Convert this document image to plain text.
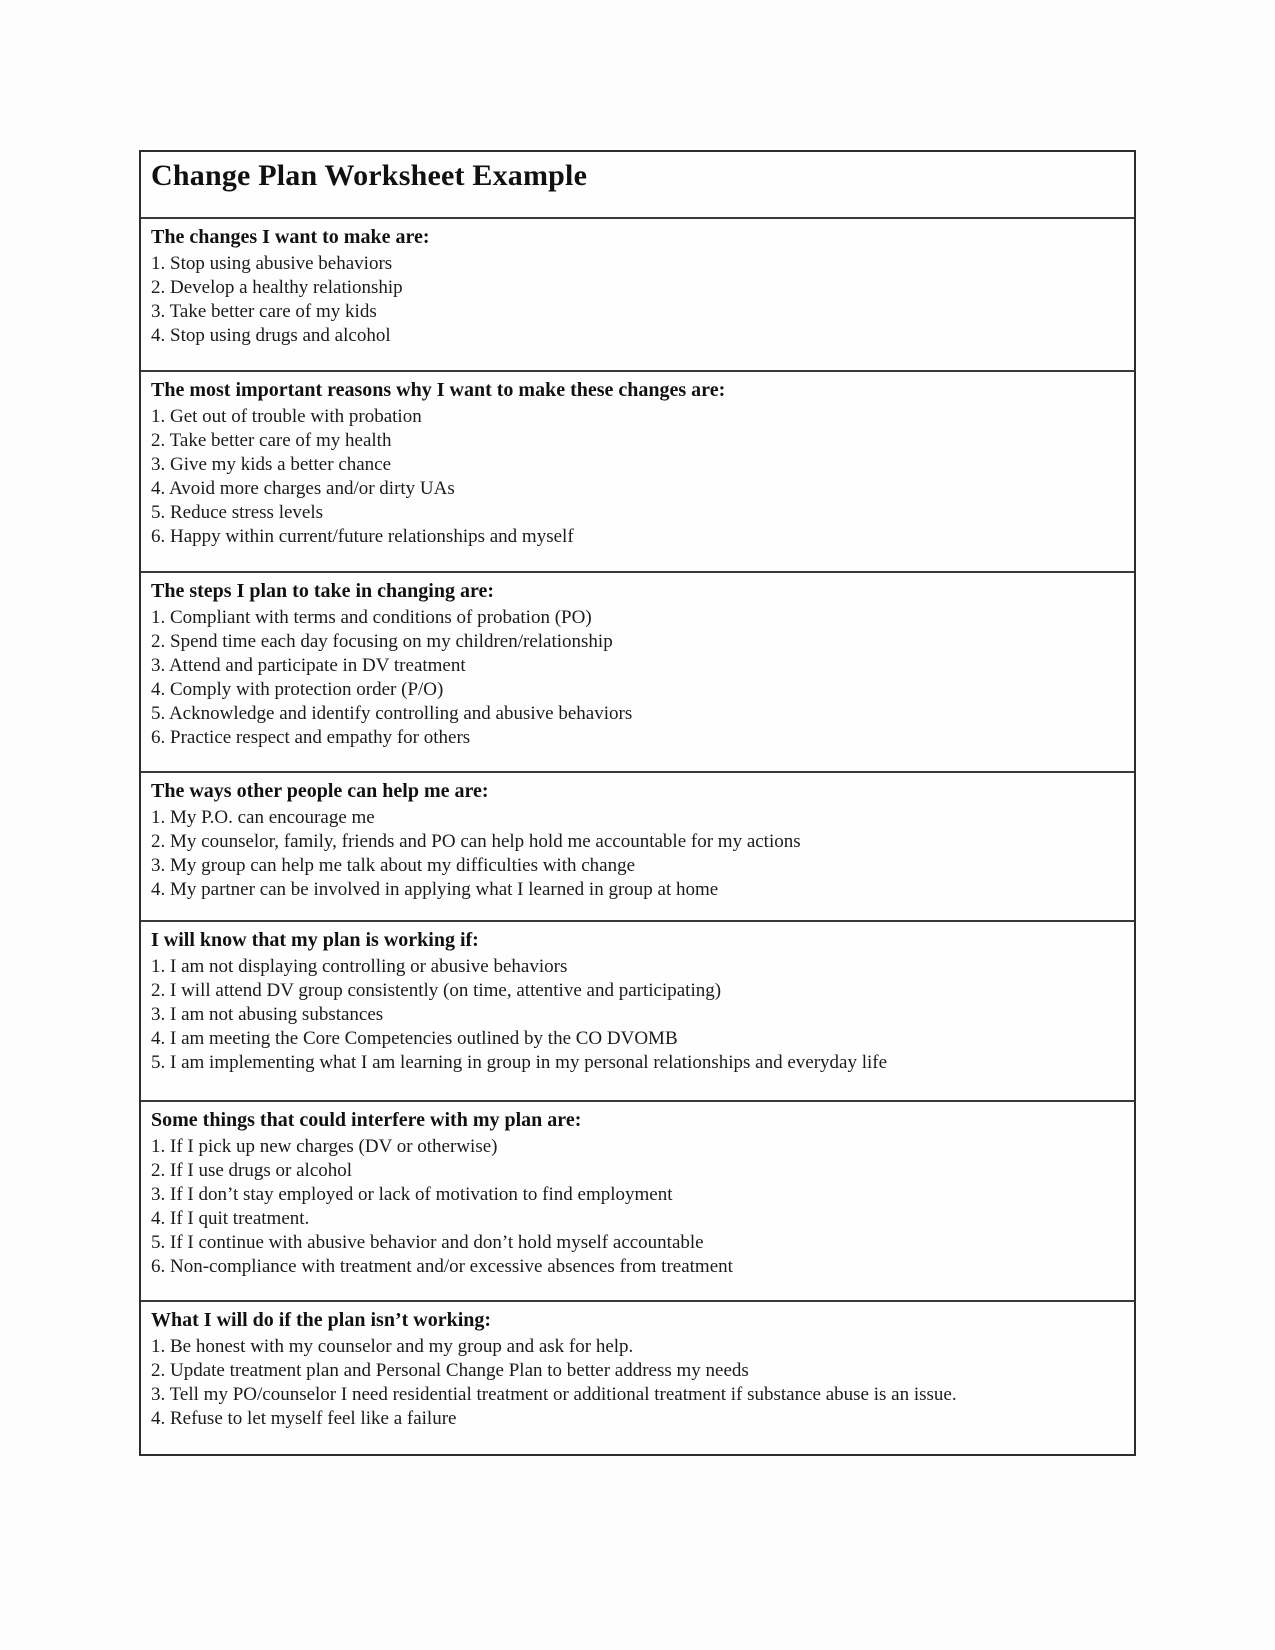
Change Plan Worksheet Example
The changes I want to make are:
1. Stop using abusive behaviors
2. Develop a healthy relationship
3. Take better care of my kids
4. Stop using drugs and alcohol
The most important reasons why I want to make these changes are:
1. Get out of trouble with probation
2. Take better care of my health
3. Give my kids a better chance
4. Avoid more charges and/or dirty UAs
5. Reduce stress levels
6. Happy within current/future relationships and myself
The steps I plan to take in changing are:
1. Compliant with terms and conditions of probation (PO)
2. Spend time each day focusing on my children/relationship
3. Attend and participate in DV treatment
4. Comply with protection order (P/O)
5. Acknowledge and identify controlling and abusive behaviors
6. Practice respect and empathy for others
The ways other people can help me are:
1. My P.O. can encourage me
2. My counselor, family, friends and PO can help hold me accountable for my actions
3. My group can help me talk about my difficulties with change
4. My partner can be involved in applying what I learned in group at home
I will know that my plan is working if:
1. I am not displaying controlling or abusive behaviors
2. I will attend DV group consistently (on time, attentive and participating)
3. I am not abusing substances
4. I am meeting the Core Competencies outlined by the CO DVOMB
5. I am implementing what I am learning in group in my personal relationships and everyday life
Some things that could interfere with my plan are:
1. If I pick up new charges (DV or otherwise)
2. If I use drugs or alcohol
3. If I don’t stay employed or lack of motivation to find employment
4. If I quit treatment.
5. If I continue with abusive behavior and don’t hold myself accountable
6. Non-compliance with treatment and/or excessive absences from treatment
What I will do if the plan isn’t working:
1. Be honest with my counselor and my group and ask for help.
2. Update treatment plan and Personal Change Plan to better address my needs
3. Tell my PO/counselor I need residential treatment or additional treatment if substance abuse is an issue.
4. Refuse to let myself feel like a failure
